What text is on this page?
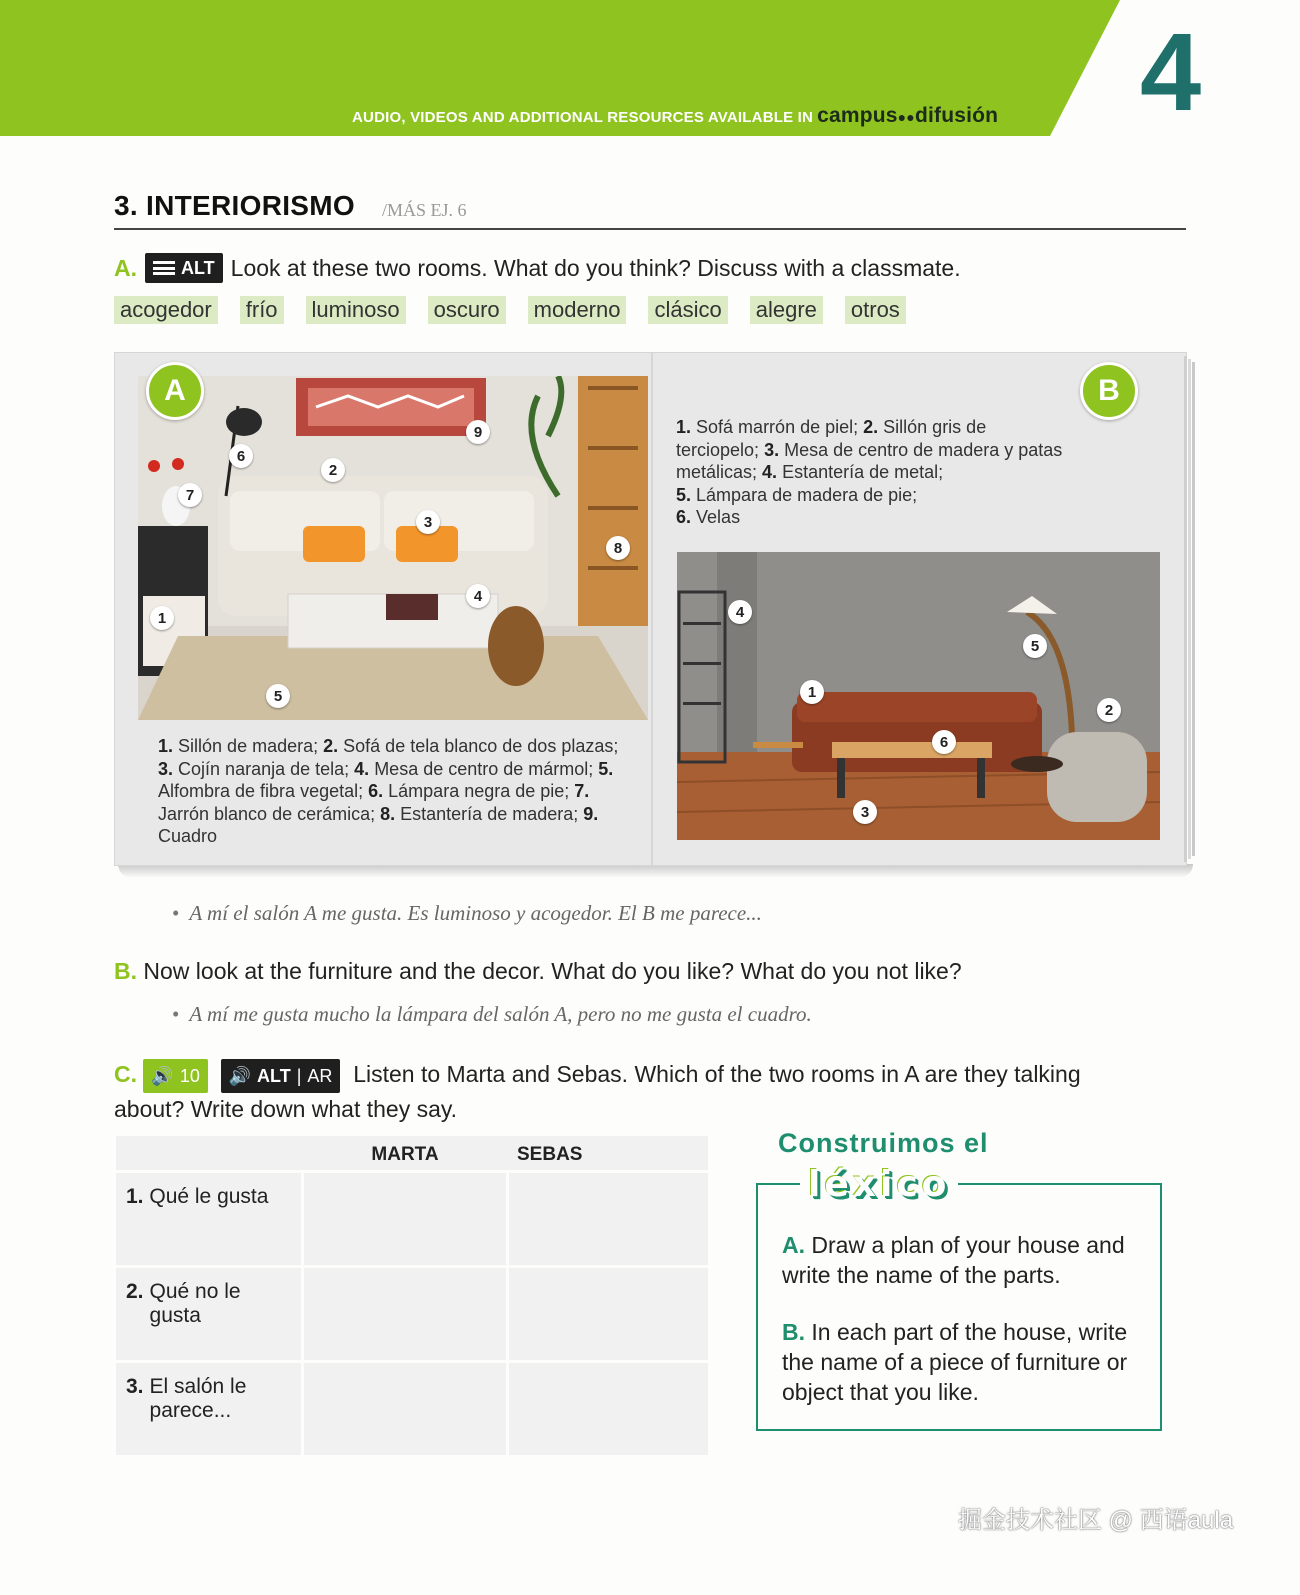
AUDIO, VIDEOS AND ADDITIONAL RESOURCES AVAILABLE IN campus●●difusión 4
3. INTERIORISMO /MÁS EJ. 6
A. ALT Look at these two rooms. What do you think? Discuss with a classmate.
acogedor frío luminoso oscuro moderno clásico alegre otros
A
1
2
3
4
5
6
7
8
9
1. Sillón de madera; 2. Sofá de tela blanco de dos plazas; 3. Cojín naranja de tela; 4. Mesa de centro de mármol; 5. Alfombra de fibra vegetal; 6. Lámpara negra de pie; 7. Jarrón blanco de cerámica; 8. Estantería de madera; 9. Cuadro
B
1. Sofá marrón de piel; 2. Sillón gris de terciopelo; 3. Mesa de centro de madera y patas metálicas; 4. Estantería de metal;
5. Lámpara de madera de pie;
6. Velas
1
2
3
4
5
6
• A mí el salón A me gusta. Es luminoso y acogedor. El B me parece...
B. Now look at the furniture and the decor. What do you like? What do you not like?
• A mí me gusta mucho la lámpara del salón A, pero no me gusta el cuadro.
C. 🔊 10
🔊 ALT | AR Listen to Marta and Sebas. Which of the two rooms in A are they talking about? Write down what they say.
MARTA	SEBAS
1. Qué le gusta
2. Qué no le gusta
3. El salón le parece...
Construimos el
léxico
A. Draw a plan of your house and write the name of the parts.
B. In each part of the house, write the name of a piece of furniture or object that you like.
掘金技术社区 @ 西语aula
